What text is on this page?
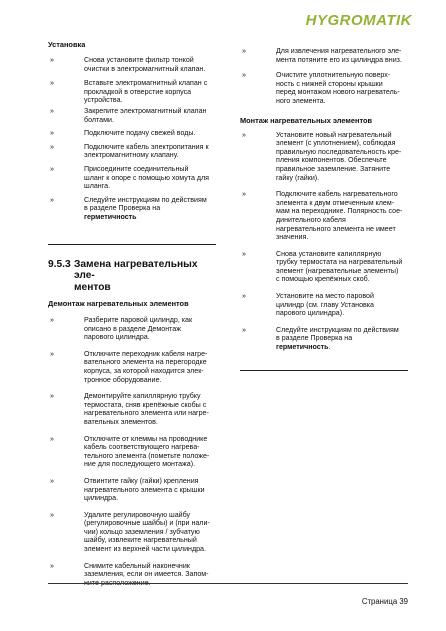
HYGROMATIK
Установка
»	Снова установите фильтр тонкой
очистки в электромагнитный клапан.
»	Вставьте электромагнитный клапан с
прокладкой в отверстие корпуса
устройства.
»	Закрепите электромагнитный клапан
болтами.
»	Подключите подачу свежей воды.
»	Подключите кабель электропитания к
электромагнитному клапану.
»	Присоедините соединительный
шланг к опоре с помощью хомута для
шланга.
»	Следуйте инструкциям по действиям
в разделе Проверка на
герметичность
9.5.3 Замена нагревательных эле-
ментов
Демонтаж нагревательных элементов
»	Разберите паровой цилиндр, как
описано в разделе Демонтаж
парового цилиндра.
»	Отключите переходник кабеля нагре-
вательного элемента на перегородке
корпуса, за которой находится элек-
тронное оборудование.
»	Демонтируйте капиллярную трубку
термостата, сняв крепёжные скобы с
нагревательного элемента или нагре-
вательных элементов.
»	Отключите от клеммы на проводнике
кабель соответствующего нагрева-
тельного элемента (пометьте положе-
ние для последующего монтажа).
»	Отвинтите гайку (гайки) крепления
нагревательного элемента с крышки
цилиндра.
»	Удалите регулировочную шайбу
(регулировочные шайбы) и (при нали-
чии) кольцо заземления / зубчатую
шайбу, извлеките нагревательный
элемент из верхней части цилиндра.
»	Снимите кабельный наконечник
заземления, если он имеется. Запом-
ните расположение.
»	Для извлечения нагревательного эле-
мента потяните его из цилиндра вниз.
»	Очистите уплотнительную поверх-
ность с нижней стороны крышки
перед монтажом нового нагреватель-
ного элемента.
Монтаж нагревательных элементов
»	Установите новый нагревательный
элемент (с уплотнением), соблюдая
правильную последовательность кре-
пления компонентов. Обеспечьте
правильное заземление. Затяните
гайку (гайки).
»	Подключите кабель нагревательного
элемента к двум отмеченным клем-
мам на переходнике. Полярность сое-
динительного кабеля
нагревательного элемента не имеет
значения.
»	Снова установите капиллярную
трубку термостата на нагревательный
элемент (нагревательные элементы)
с помощью крепёжных скоб.
»	Установите на место паровой
цилиндр (см. главу Установка
парового цилиндра).
»	Следуйте инструкциям по действиям
в разделе Проверка на
герметичность.
Страница 39
